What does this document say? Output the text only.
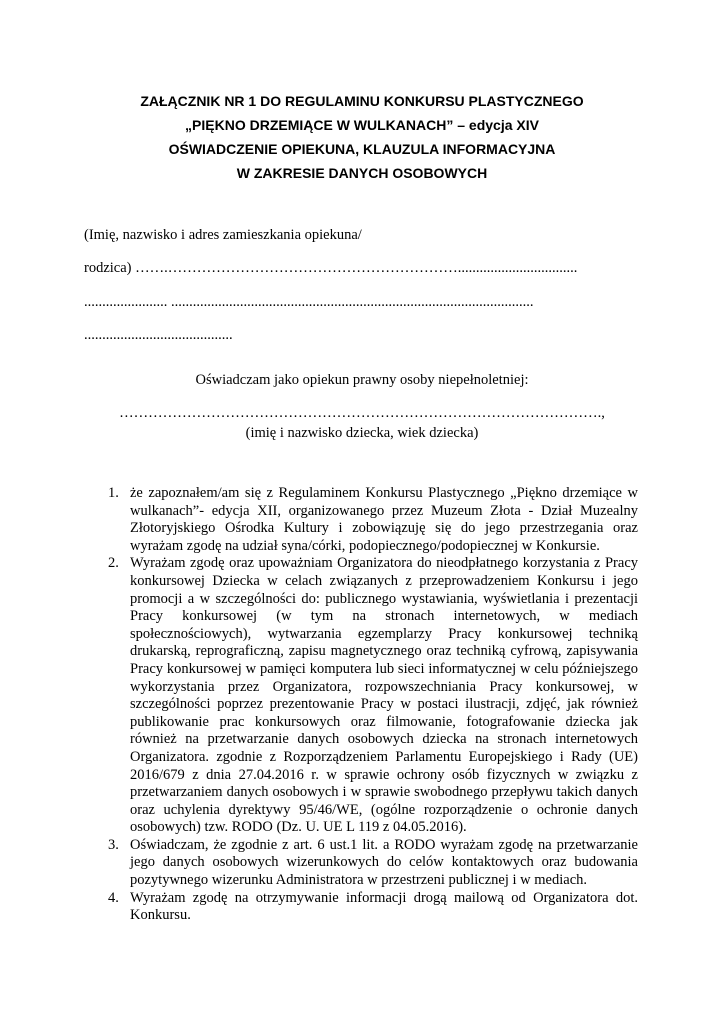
ZAŁĄCZNIK NR 1 DO REGULAMINU KONKURSU PLASTYCZNEGO
„PIĘKNO DRZEMIĄCE W WULKANACH” – edycja XIV
OŚWIADCZENIE OPIEKUNA, KLAUZULA INFORMACYJNA
W ZAKRESIE DANYCH OSOBOWYCH
(Imię, nazwisko i adres zamieszkania opiekuna/
rodzica) …….…………………………………………………….................................
....................... ....................................................................................................
.........................................
Oświadczam jako opiekun prawny osoby niepełnoletniej:
……………………………………………………………………………………….,
(imię i nazwisko dziecka, wiek dziecka)
1. że zapoznałem/am się z Regulaminem Konkursu Plastycznego „Piękno drzemiące w wulkanach”- edycja XII, organizowanego przez Muzeum Złota - Dział Muzealny Złotoryjskiego Ośrodka Kultury i zobowiązuję się do jego przestrzegania oraz wyrażam zgodę na udział syna/córki, podopiecznego/podopiecznej w Konkursie.
2. Wyrażam zgodę oraz upoważniam Organizatora do nieodpłatnego korzystania z Pracy konkursowej Dziecka w celach związanych z przeprowadzeniem Konkursu i jego promocji a w szczególności do: publicznego wystawiania, wyświetlania i prezentacji Pracy konkursowej (w tym na stronach internetowych, w mediach społecznościowych), wytwarzania egzemplarzy Pracy konkursowej techniką drukarską, reprograficzną, zapisu magnetycznego oraz techniką cyfrową, zapisywania Pracy konkursowej w pamięci komputera lub sieci informatycznej w celu późniejszego wykorzystania przez Organizatora, rozpowszechniania Pracy konkursowej, w szczególności poprzez prezentowanie Pracy w postaci ilustracji, zdjęć, jak również publikowanie prac konkursowych oraz filmowanie, fotografowanie dziecka jak również na przetwarzanie danych osobowych dziecka na stronach internetowych Organizatora. zgodnie z Rozporządzeniem Parlamentu Europejskiego i Rady (UE) 2016/679 z dnia 27.04.2016 r. w sprawie ochrony osób fizycznych w związku z przetwarzaniem danych osobowych i w sprawie swobodnego przepływu takich danych oraz uchylenia dyrektywy 95/46/WE, (ogólne rozporządzenie o ochronie danych osobowych) tzw. RODO (Dz. U. UE L 119 z 04.05.2016).
3. Oświadczam, że zgodnie z art. 6 ust.1 lit. a RODO wyrażam zgodę na przetwarzanie jego danych osobowych wizerunkowych do celów kontaktowych oraz budowania pozytywnego wizerunku Administratora w przestrzeni publicznej i w mediach.
4. Wyrażam zgodę na otrzymywanie informacji drogą mailową od Organizatora dot. Konkursu.
